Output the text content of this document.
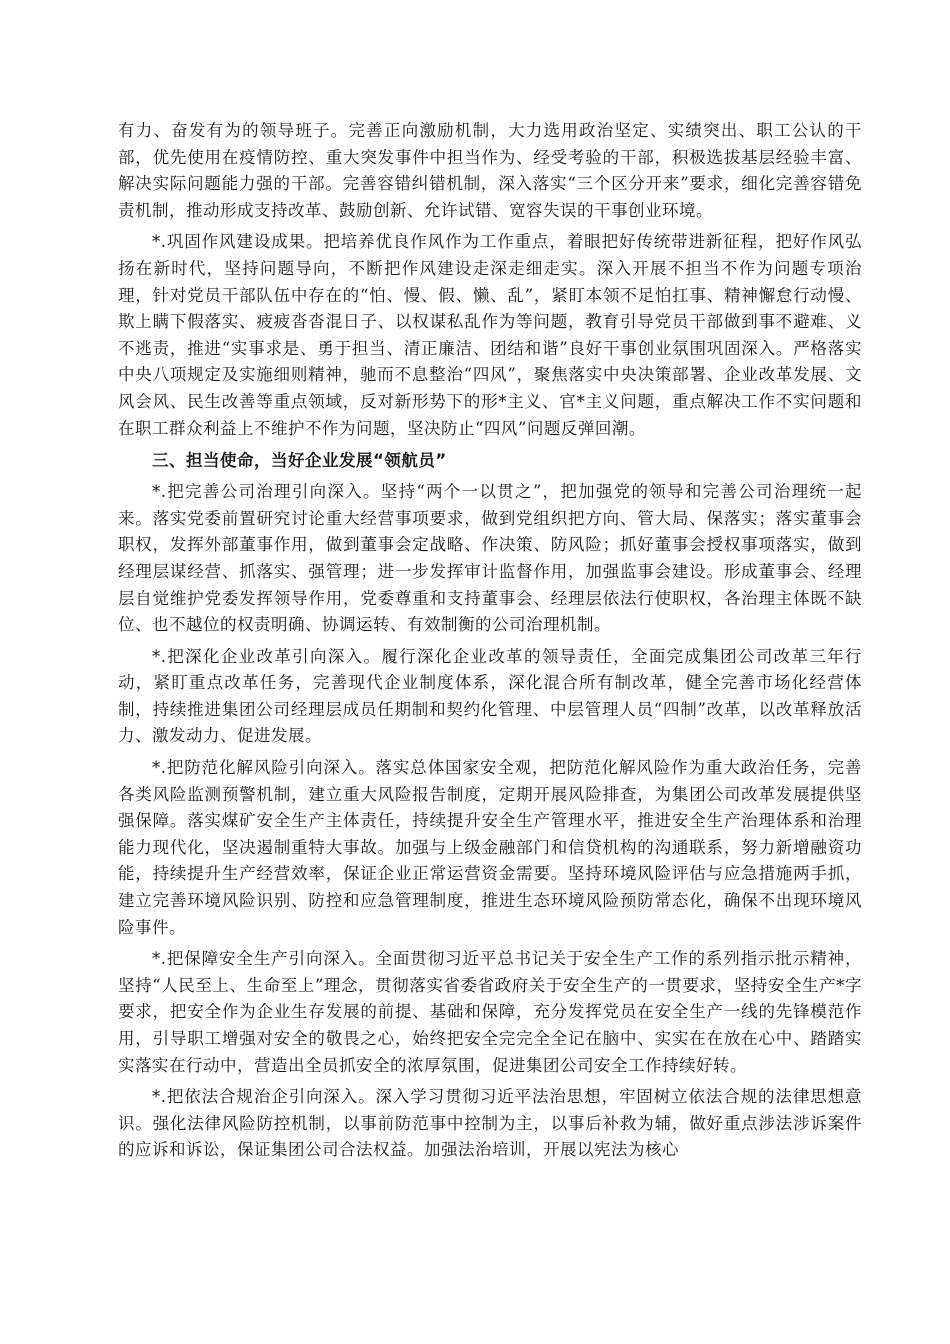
有力、奋发有为的领导班子。完善正向激励机制，大力选用政治坚定、实绩突出、职工公认的干部，优先使用在疫情防控、重大突发事件中担当作为、经受考验的干部，积极选拔基层经验丰富、解决实际问题能力强的干部。完善容错纠错机制，深入落实“三个区分开来”要求，细化完善容错免责机制，推动形成支持改革、鼓励创新、允许试错、宽容失误的干事创业环境。

*.巩固作风建设成果。把培养优良作风作为工作重点，着眼把好传统带进新征程，把好作风弘扬在新时代，坚持问题导向，不断把作风建设走深走细走实。深入开展不担当不作为问题专项治理，针对党员干部队伍中存在的“怕、慢、假、懒、乱”，紧盯本领不足怕扛事、精神懈怠行动慢、欺上瞒下假落实、疲疲沓沓混日子、以权谋私乱作为等问题，教育引导党员干部做到事不避难、义不逃责，推进“实事求是、勇于担当、清正廉洁、团结和谐”良好干事创业氛围巩固深入。严格落实中央八项规定及实施细则精神，驰而不息整治“四风”，聚焦落实中央决策部署、企业改革发展、文风会风、民生改善等重点领域，反对新形势下的形*主义、官*主义问题，重点解决工作不实问题和在职工群众利益上不维护不作为问题，坚决防止“四风”问题反弹回潮。

三、担当使命，当好企业发展“领航员”

*.把完善公司治理引向深入。坚持“两个一以贯之”，把加强党的领导和完善公司治理统一起来。落实党委前置研究讨论重大经营事项要求，做到党组织把方向、管大局、保落实；落实董事会职权，发挥外部董事作用，做到董事会定战略、作决策、防风险；抓好董事会授权事项落实，做到经理层谋经营、抓落实、强管理；进一步发挥审计监督作用，加强监事会建设。形成董事会、经理层自觉维护党委发挥领导作用，党委尊重和支持董事会、经理层依法行使职权，各治理主体既不缺位、也不越位的权责明确、协调运转、有效制衡的公司治理机制。

*.把深化企业改革引向深入。履行深化企业改革的领导责任，全面完成集团公司改革三年行动，紧盯重点改革任务，完善现代企业制度体系，深化混合所有制改革，健全完善市场化经营体制，持续推进集团公司经理层成员任期制和契约化管理、中层管理人员“四制”改革，以改革释放活力、激发动力、促进发展。

*.把防范化解风险引向深入。落实总体国家安全观，把防范化解风险作为重大政治任务，完善各类风险监测预警机制，建立重大风险报告制度，定期开展风险排查，为集团公司改革发展提供坚强保障。落实煤矿安全生产主体责任，持续提升安全生产管理水平，推进安全生产治理体系和治理能力现代化，坚决遏制重特大事故。加强与上级金融部门和信贷机构的沟通联系，努力新增融资功能，持续提升生产经营效率，保证企业正常运营资金需要。坚持环境风险评估与应急措施两手抓，建立完善环境风险识别、防控和应急管理制度，推进生态环境风险预防常态化，确保不出现环境风险事件。

*.把保障安全生产引向深入。全面贯彻习近平总书记关于安全生产工作的系列指示批示精神，坚持“人民至上、生命至上”理念，贯彻落实省委省政府关于安全生产的一贯要求，坚持安全生产*字要求，把安全作为企业生存发展的前提、基础和保障，充分发挥党员在安全生产一线的先锋模范作用，引导职工增强对安全的敬畏之心，始终把安全完完全全记在脑中、实实在在放在心中、踏踏实实落实在行动中，营造出全员抓安全的浓厚氛围，促进集团公司安全工作持续好转。

*.把依法合规治企引向深入。深入学习贯彻习近平法治思想，牢固树立依法合规的法律思想意识。强化法律风险防控机制，以事前防范事中控制为主，以事后补救为辅，做好重点涉法涉诉案件的应诉和诉讼，保证集团公司合法权益。加强法治培训，开展以宪法为核心
